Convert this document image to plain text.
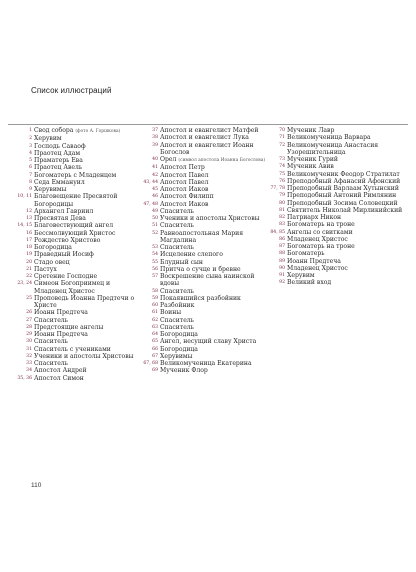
Список иллюстраций
1 Свод собора (фото А. Горшкова)
2 Херувим
3 Господь Саваоф
4 Праотец Адам
5 Праматерь Ева
6 Праотец Авель
7 Богоматерь с Младенцем
8 Седа Еммануил
9 Херувимы
10, 11 Благовещение Пресвятой Богородицы
12 Архангел Гавриил
13 Пресвятая Дева
14, 15 Благовествующий ангел
16 Бессмолвующий Христос
17 Рождество Христово
18 Богородица
19 Праведный Иосиф
20 Стадо овец
21 Пастух
22 Сретение Господне
23, 24 Симеон Богоприимец и Младенец Христос
25 Проповедь Иоанна Предтечи о Христе
26 Иоанн Предтеча
27 Спаситель
28 Предстоящие ангелы
29 Иоанн Предтеча
30 Спаситель
31 Спаситель с учениками
32 Ученики и апостолы Христовы
33 Спаситель
34 Апостол Андрей
35, 36 Апостол Симон
37 Апостол и евангелист Матфей
38 Апостол и евангелист Лука
39 Апостол и евангелист Иоанн Богослов
40 Орел (символ апостола Иоанна Богослова)
41 Апостол Петр
42 Апостол Павел
43, 44 Апостол Павел
45 Апостол Иаков
46 Апостол Филипп
47, 48 Апостол Иаков
49 Спаситель
50 Ученики и апостолы Христовы
51 Спаситель
52 Равноапостольная Мария Магдалина
53 Спаситель
54 Исцеление слепого
55 Блудный сын
56 Притча о сучце и бревне
57 Воскрешение сына наинской вдовы
58 Спаситель
59 Покаявшийся разбойник
60 Разбойник
61 Воины
62 Спаситель
63 Спаситель
64 Богородица
65 Ангел, несущий славу Христа
66 Богородица
67 Херувимы
67, 68 Великомученица Екатерина
69 Мученик Флор
70 Мученик Лавр
71 Великомученица Варвара
72 Великомученица Анастасия Узорешительница
73 Мученик Гурий
74 Мученик Авив
75 Великомученик Феодор Стратилат
76 Преподобный Афанасий Афонский
77, 78 Преподобный Варлаам Хутынский
79 Преподобный Антоний Римлянин
80 Преподобный Зосима Соловецкий
81 Святитель Николай Мирликийский
82 Патриарх Никон
83 Богоматерь на троне
84, 85 Ангелы со свитками
86 Младенец Христос
87 Богоматерь на троне
88 Богоматерь
89 Иоанн Предтеча
90 Младенец Христос
91 Херувим
92 Великий вход
110
